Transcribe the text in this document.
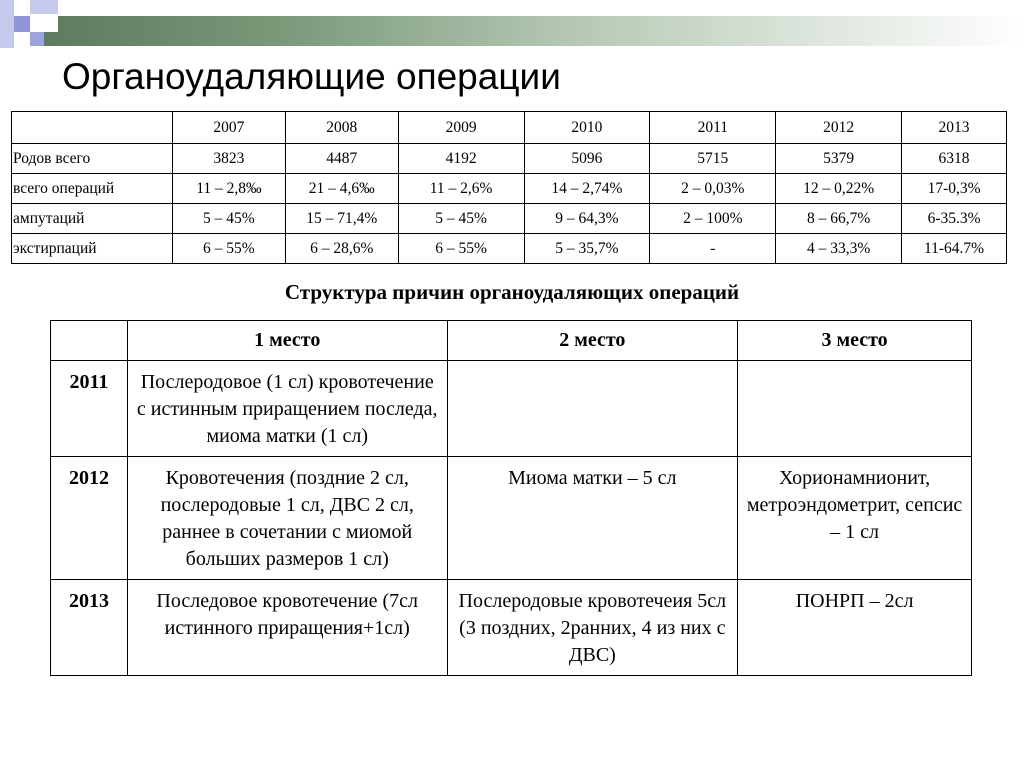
Органоудаляющие операции
	2007	2008	2009	2010	2011	2012	2013
Родов всего	3823	4487	4192	5096	5715	5379	6318
всего операций	11 – 2,8‰	21 – 4,6‰	11 – 2,6%	14 – 2,74%	2 – 0,03%	12 – 0,22%	17-0,3%
ампутаций	5 – 45%	15 – 71,4%	5 – 45%	9 – 64,3%	2 – 100%	8 – 66,7%	6-35.3%
экстирпаций	6 – 55%	6 – 28,6%	6 – 55%	5 – 35,7%	-	4 – 33,3%	11-64.7%
Структура причин органоудаляющих операций
	1 место	2 место	3 место
2011	Послеродовое (1 сл) кровотечение с истинным приращением последа, миома матки (1 сл)		
2012	Кровотечения (поздние 2 сл, послеродовые 1 сл, ДВС 2 сл, раннее в сочетании с миомой больших размеров 1 сл)	Миома матки – 5 сл	Хорионамнионит, метроэндометрит, сепсис – 1 сл
2013	Последовое кровотечение (7сл истинного приращения+1сл)	Послеродовые кровотечеия 5сл (3 поздних, 2ранних, 4 из них с ДВС)	ПОНРП – 2сл
